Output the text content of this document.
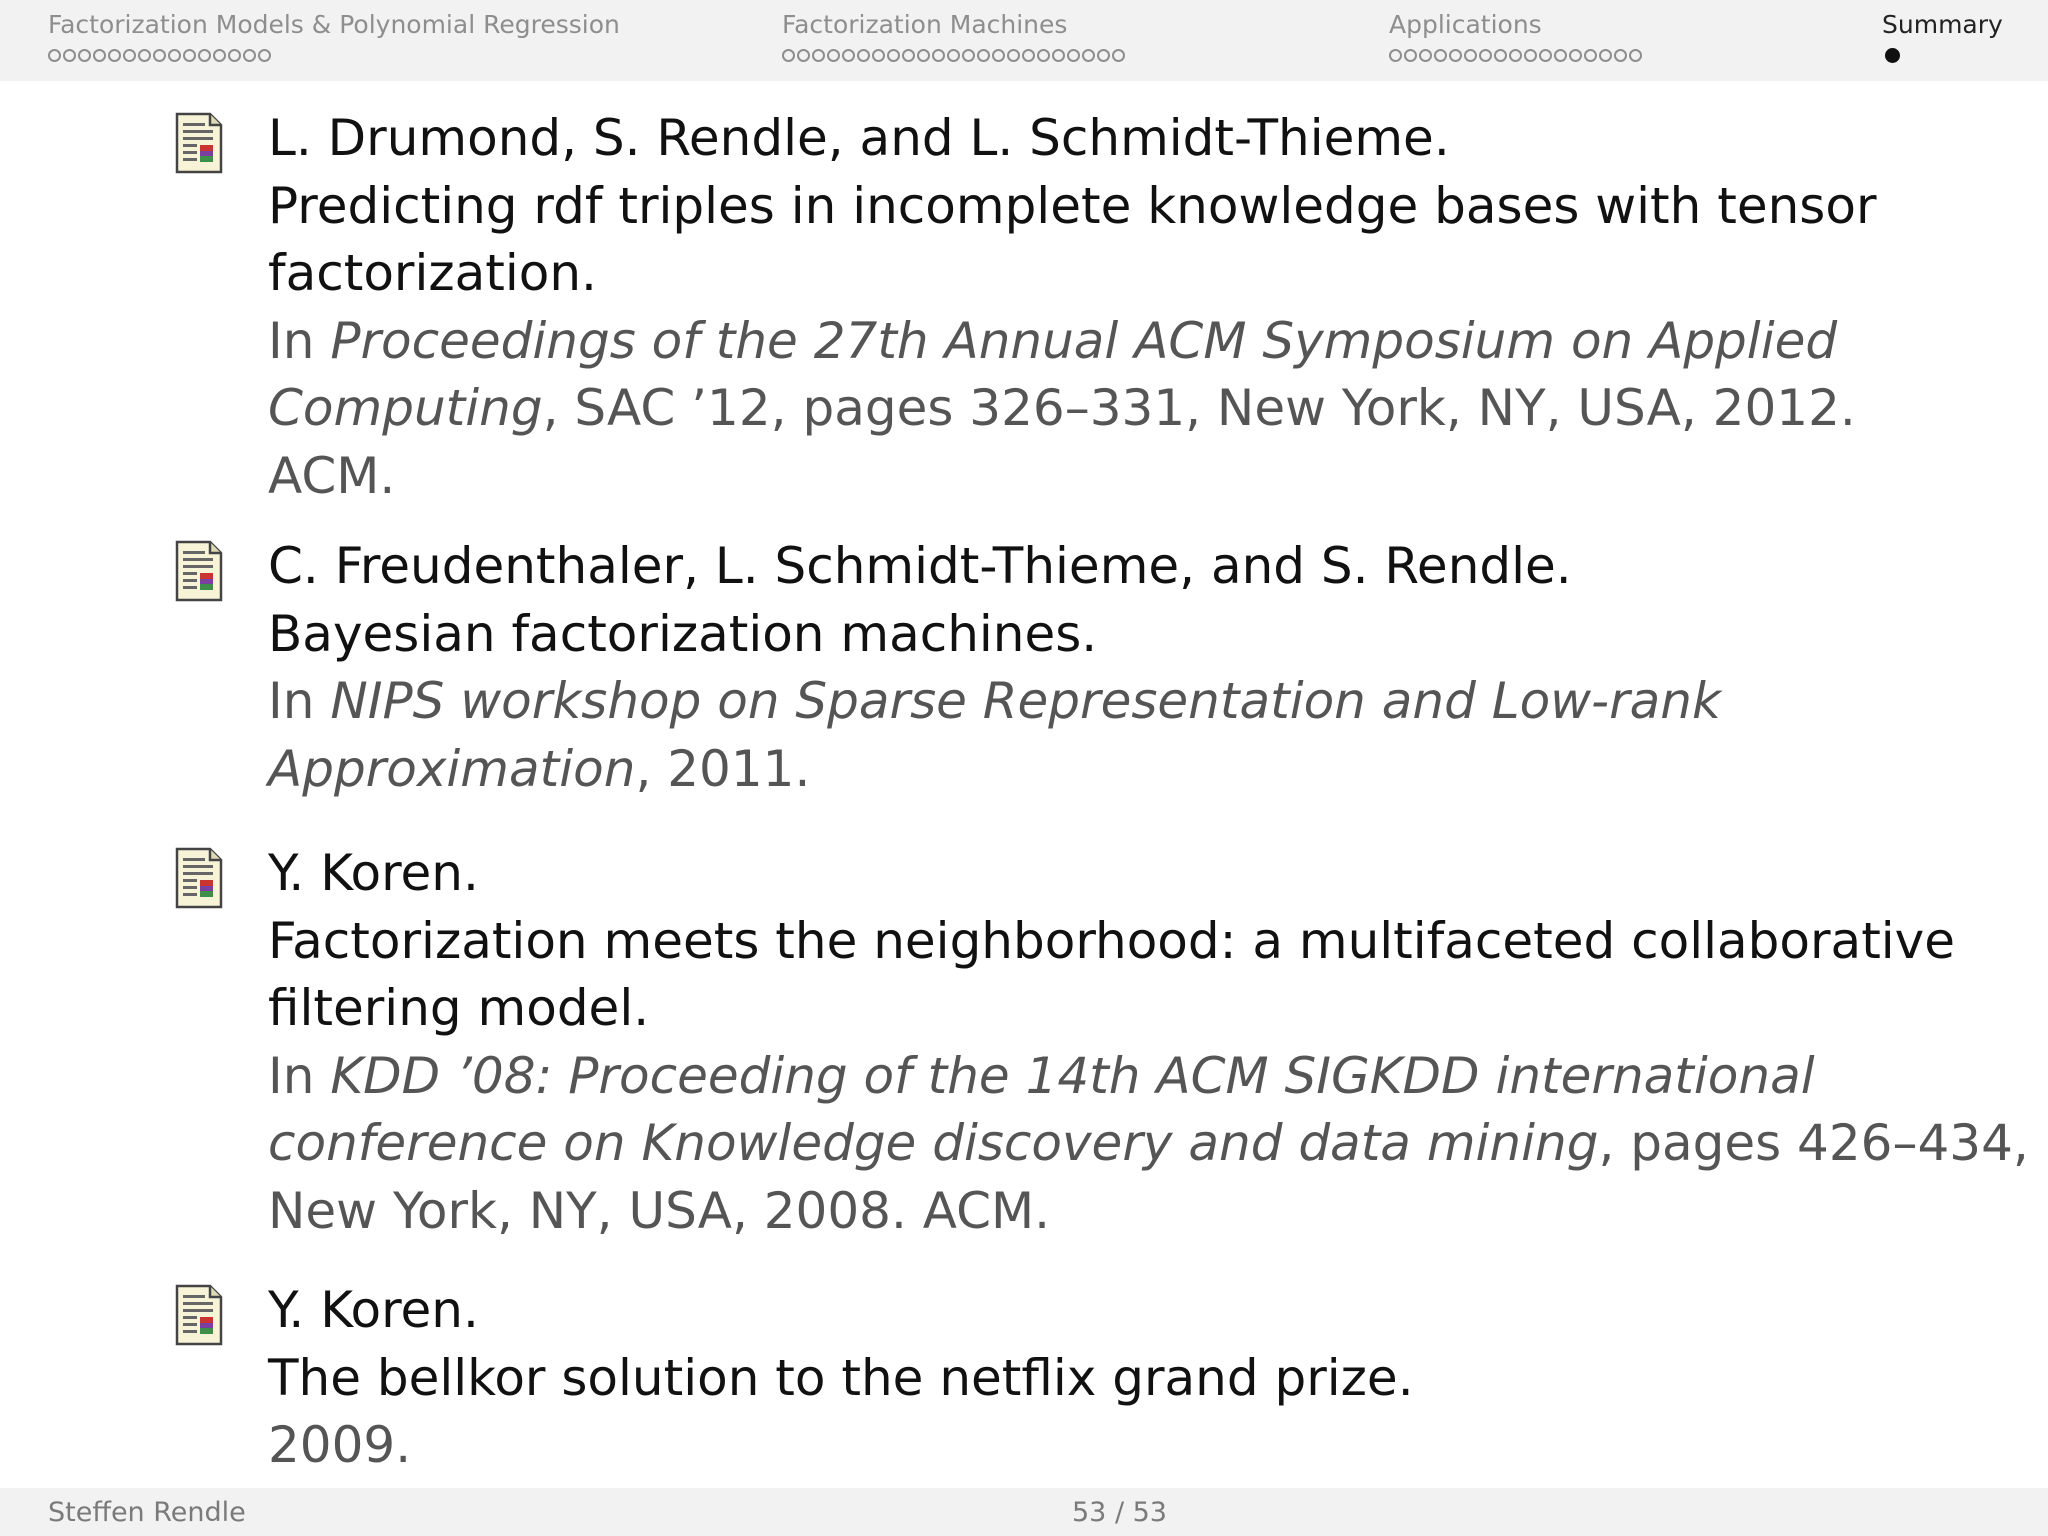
Factorization Models & Polynomial Regression	Factorization Machines	Applications	Summary
L. Drumond, S. Rendle, and L. Schmidt-Thieme.
Predicting rdf triples in incomplete knowledge bases with tensor
factorization.
In Proceedings of the 27th Annual ACM Symposium on Applied
Computing, SAC ’12, pages 326–331, New York, NY, USA, 2012.
ACM.
C. Freudenthaler, L. Schmidt-Thieme, and S. Rendle.
Bayesian factorization machines.
In NIPS workshop on Sparse Representation and Low-rank
Approximation, 2011.
Y. Koren.
Factorization meets the neighborhood: a multifaceted collaborative
filtering model.
In KDD ’08: Proceeding of the 14th ACM SIGKDD international
conference on Knowledge discovery and data mining, pages 426–434,
New York, NY, USA, 2008. ACM.
Y. Koren.
The bellkor solution to the netflix grand prize.
2009.
Steffen Rendle	53 / 53
